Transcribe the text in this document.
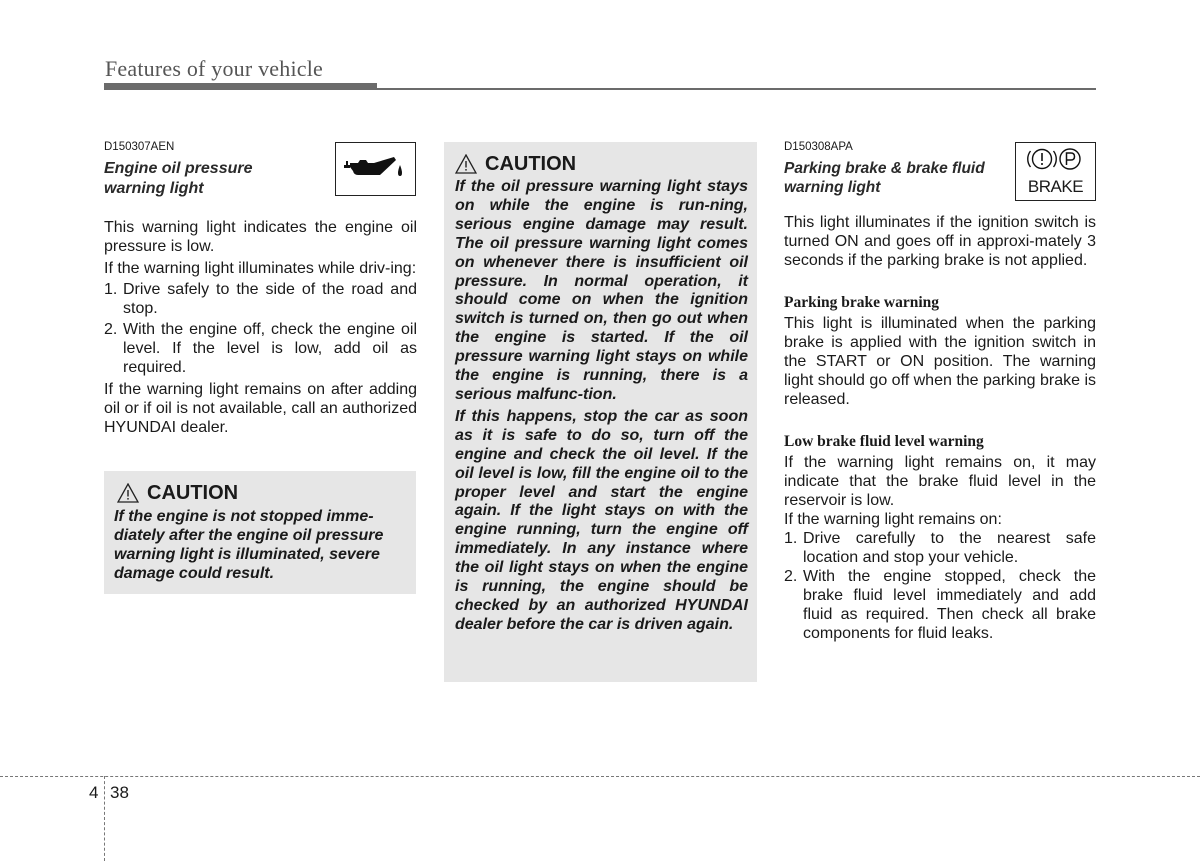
Features of your vehicle
D150307AEN
Engine oil pressure
warning light

This warning light indicates the engine oil pressure is low.

If the warning light illuminates while driv-ing:

1. Drive safely to the side of the road and stop.
2. With the engine off, check the engine oil level. If the level is low, add oil as required.

If the warning light remains on after adding oil or if oil is not available, call an authorized HYUNDAI dealer.

CAUTION

If the engine is not stopped imme-diately after the engine oil pressure warning light is illuminated, severe damage could result.

CAUTION

If the oil pressure warning light stays on while the engine is run-ning, serious engine damage may result. The oil pressure warning light comes on whenever there is insufficient oil pressure. In normal operation, it should come on when the ignition switch is turned on, then go out when the engine is started. If the oil pressure warning light stays on while the engine is running, there is a serious malfunc-tion.

If this happens, stop the car as soon as it is safe to do so, turn off the engine and check the oil level. If the oil level is low, fill the engine oil to the proper level and start the engine again. If the light stays on with the engine running, turn the engine off immediately. In any instance where the oil light stays on when the engine is running, the engine should be checked by an authorized HYUNDAI dealer before the car is driven again.

D150308APA
Parking brake & brake fluid
warning light

This light illuminates if the ignition switch is turned ON and goes off in approxi-mately 3 seconds if the parking brake is not applied.

Parking brake warning

This light is illuminated when the parking brake is applied with the ignition switch in the START or ON position. The warning light should go off when the parking brake is released.

Low brake fluid level warning

If the warning light remains on, it may indicate that the brake fluid level in the reservoir is low.

If the warning light remains on:

1. Drive carefully to the nearest safe location and stop your vehicle.
2. With the engine stopped, check the brake fluid level immediately and add fluid as required. Then check all brake components for fluid leaks.
BRAKE
4 38
